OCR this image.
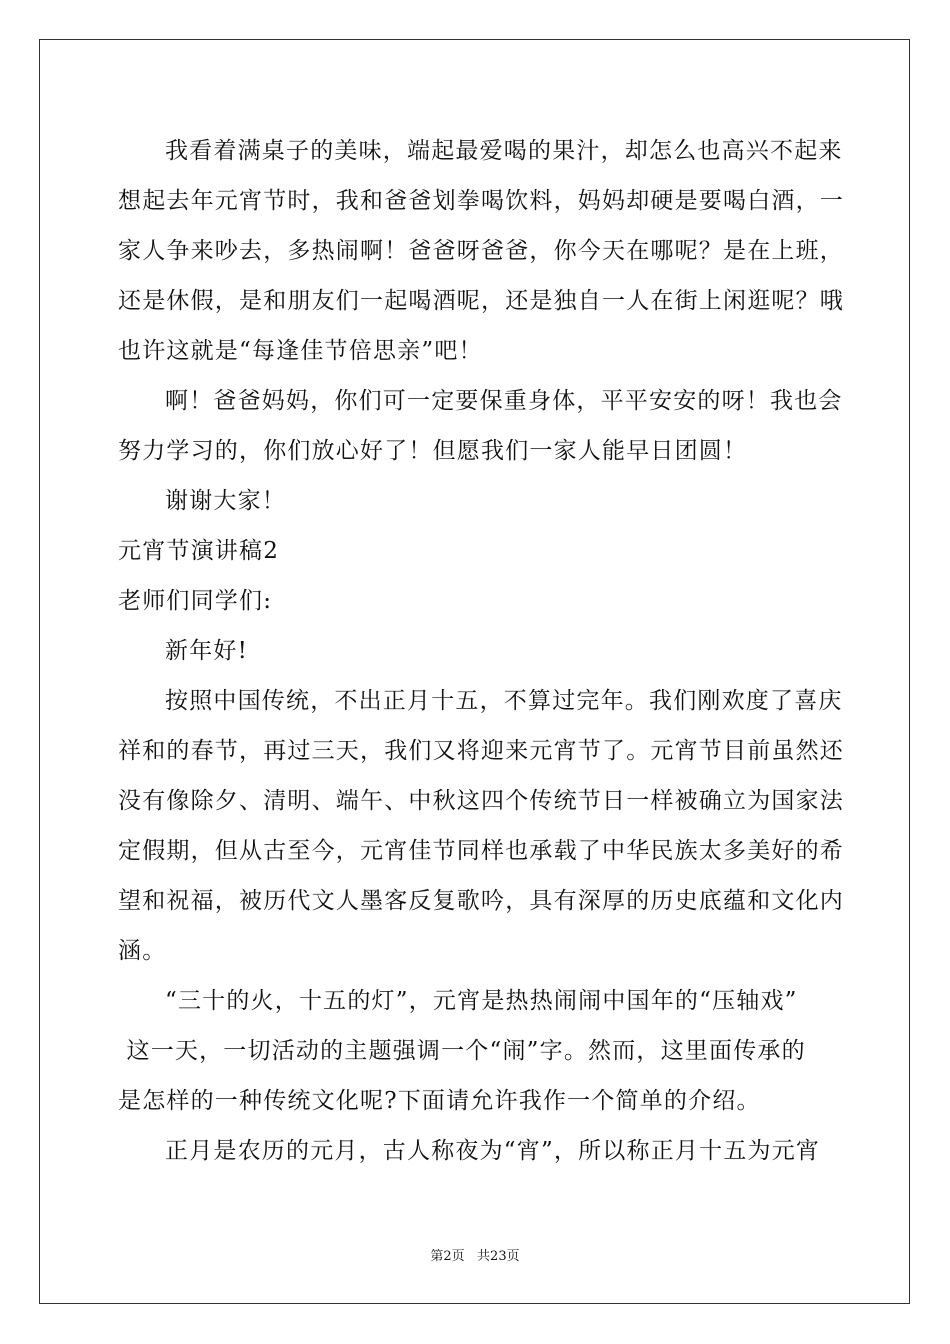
我看着满桌子的美味，端起最爱喝的果汁，却怎么也高兴不起来
想起去年元宵节时，我和爸爸划拳喝饮料，妈妈却硬是要喝白酒，一
家人争来吵去，多热闹啊！爸爸呀爸爸，你今天在哪呢？是在上班，
还是休假，是和朋友们一起喝酒呢，还是独自一人在街上闲逛呢？哦
也许这就是“每逢佳节倍思亲”吧！
啊！爸爸妈妈，你们可一定要保重身体，平平安安的呀！我也会
努力学习的，你们放心好了！但愿我们一家人能早日团圆！
谢谢大家！
元宵节演讲稿2
老师们同学们:
新年好!
按照中国传统，不出正月十五，不算过完年。我们刚欢度了喜庆
祥和的春节，再过三天，我们又将迎来元宵节了。元宵节目前虽然还
没有像除夕、清明、端午、中秋这四个传统节日一样被确立为国家法
定假期，但从古至今，元宵佳节同样也承载了中华民族太多美好的希
望和祝福，被历代文人墨客反复歌吟，具有深厚的历史底蕴和文化内
涵。
“三十的火，十五的灯”，元宵是热热闹闹中国年的“压轴戏”
这一天，一切活动的主题强调一个“闹”字。然而，这里面传承的
是怎样的一种传统文化呢?下面请允许我作一个简单的介绍。
正月是农历的元月，古人称夜为“宵”，所以称正月十五为元宵
第2页   共23页
